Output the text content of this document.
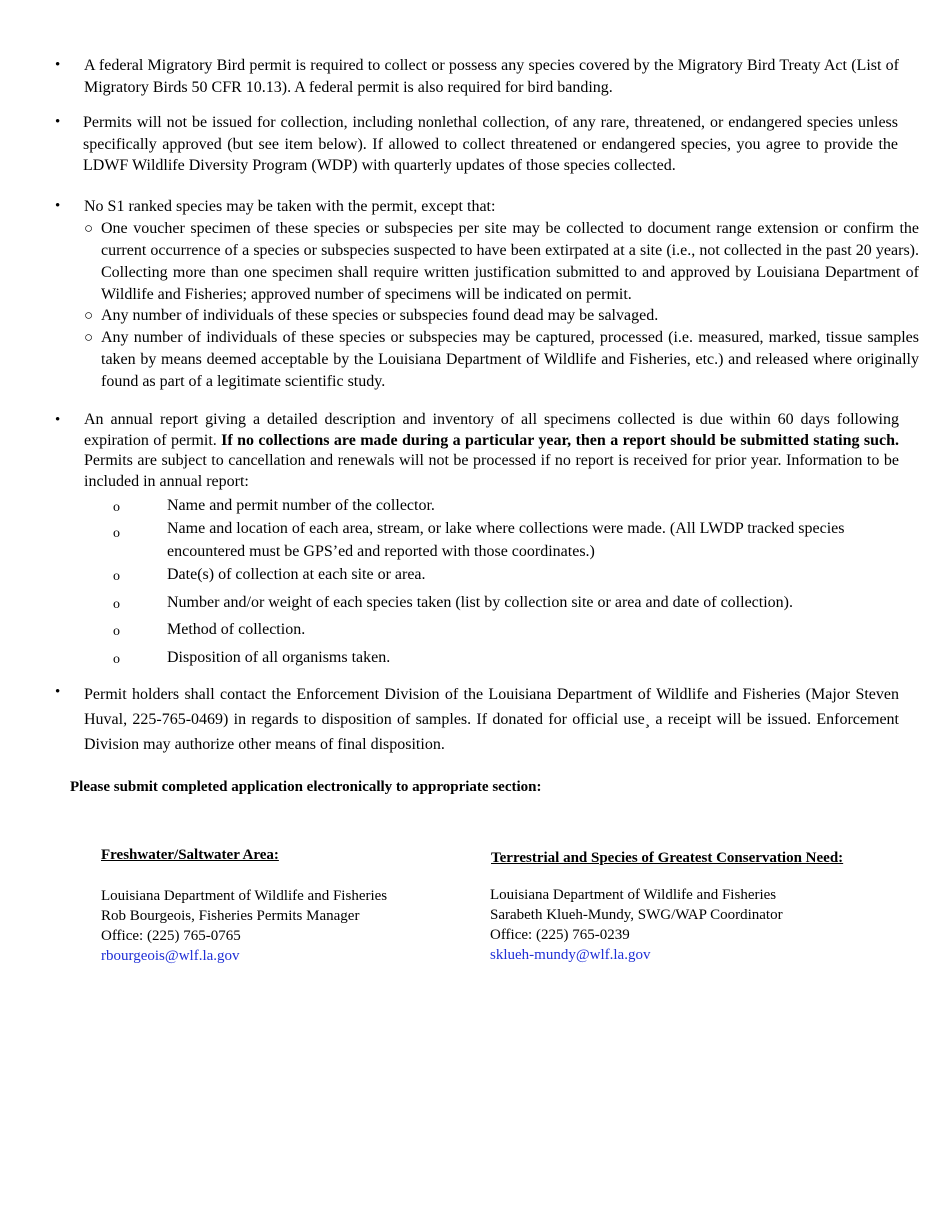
• A federal Migratory Bird permit is required to collect or possess any species covered by the Migratory Bird Treaty Act (List of Migratory Birds 50 CFR 10.13). A federal permit is also required for bird banding.
• Permits will not be issued for collection, including nonlethal collection, of any rare, threatened, or endangered species unless specifically approved (but see item below). If allowed to collect threatened or endangered species, you agree to provide the LDWF Wildlife Diversity Program (WDP) with quarterly updates of those species collected.
• No S1 ranked species may be taken with the permit, except that:
○ One voucher specimen of these species or subspecies per site may be collected to document range extension or confirm the current occurrence of a species or subspecies suspected to have been extirpated at a site (i.e., not collected in the past 20 years). Collecting more than one specimen shall require written justification submitted to and approved by Louisiana Department of Wildlife and Fisheries; approved number of specimens will be indicated on permit.
○ Any number of individuals of these species or subspecies found dead may be salvaged.
○ Any number of individuals of these species or subspecies may be captured, processed (i.e. measured, marked, tissue samples taken by means deemed acceptable by the Louisiana Department of Wildlife and Fisheries, etc.) and released where originally found as part of a legitimate scientific study.
• An annual report giving a detailed description and inventory of all specimens collected is due within 60 days following expiration of permit. If no collections are made during a particular year, then a report should be submitted stating such. Permits are subject to cancellation and renewals will not be processed if no report is received for prior year. Information to be included in annual report:
o	Name and permit number of the collector.
o	Name and location of each area, stream, or lake where collections were made. (All LWDP tracked species encountered must be GPS’ed and reported with those coordinates.)
o	Date(s) of collection at each site or area.
o	Number and/or weight of each species taken (list by collection site or area and date of collection).
o	Method of collection.
o	Disposition of all organisms taken.
• Permit holders shall contact the Enforcement Division of the Louisiana Department of Wildlife and Fisheries (Major Steven Huval, 225-765-0469) in regards to disposition of samples. If donated for official use¸ a receipt will be issued. Enforcement Division may authorize other means of final disposition.
Please submit completed application electronically to appropriate section:
Freshwater/Saltwater Area:
Louisiana Department of Wildlife and Fisheries
Rob Bourgeois, Fisheries Permits Manager
Office: (225) 765-0765
rbourgeois@wlf.la.gov
Terrestrial and Species of Greatest Conservation Need:
Louisiana Department of Wildlife and Fisheries
Sarabeth Klueh-Mundy, SWG/WAP Coordinator
Office: (225) 765-0239
sklueh-mundy@wlf.la.gov
